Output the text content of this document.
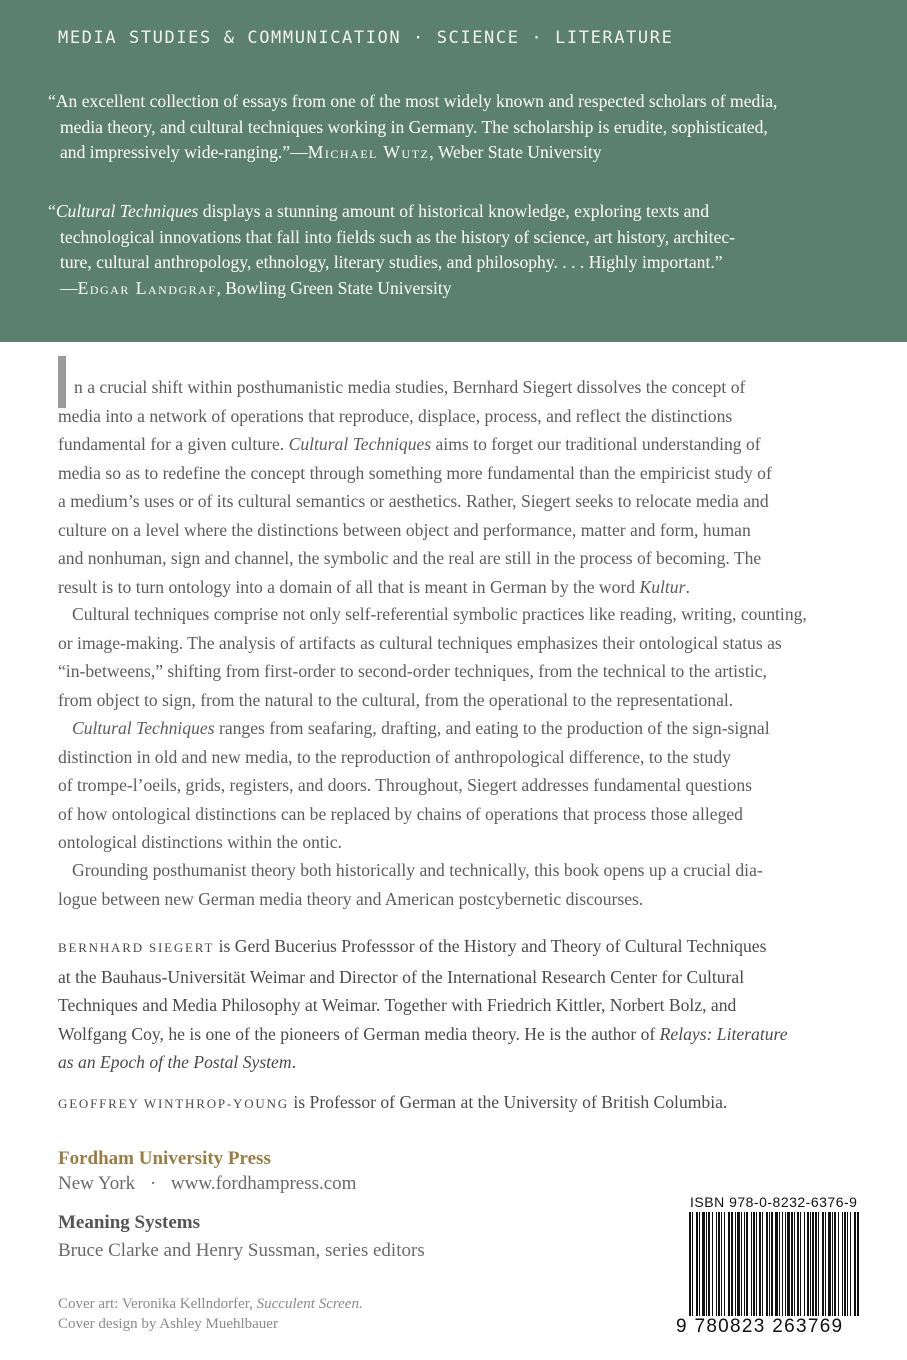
MEDIA STUDIES & COMMUNICATION · SCIENCE · LITERATURE
“An excellent collection of essays from one of the most widely known and respected scholars of media,
media theory, and cultural techniques working in Germany. The scholarship is erudite, sophisticated,
and impressively wide-ranging.”—Michael Wutz, Weber State University
“Cultural Techniques displays a stunning amount of historical knowledge, exploring texts and
technological innovations that fall into fields such as the history of science, art history, architec-
ture, cultural anthropology, ethnology, literary studies, and philosophy. . . . Highly important.”
—Edgar Landgraf, Bowling Green State University
n a crucial shift within posthumanistic media studies, Bernhard Siegert dissolves the concept of
media into a network of operations that reproduce, displace, process, and reflect the distinctions
fundamental for a given culture. Cultural Techniques aims to forget our traditional understanding of
media so as to redefine the concept through something more fundamental than the empiricist study of
a medium’s uses or of its cultural semantics or aesthetics. Rather, Siegert seeks to relocate media and
culture on a level where the distinctions between object and performance, matter and form, human
and nonhuman, sign and channel, the symbolic and the real are still in the process of becoming. The
result is to turn ontology into a domain of all that is meant in German by the word Kultur.
Cultural techniques comprise not only self-referential symbolic practices like reading, writing, counting,
or image-making. The analysis of artifacts as cultural techniques emphasizes their ontological status as
“in-betweens,” shifting from first-order to second-order techniques, from the technical to the artistic,
from object to sign, from the natural to the cultural, from the operational to the representational.
Cultural Techniques ranges from seafaring, drafting, and eating to the production of the sign-signal
distinction in old and new media, to the reproduction of anthropological difference, to the study
of trompe-l’oeils, grids, registers, and doors. Throughout, Siegert addresses fundamental questions
of how ontological distinctions can be replaced by chains of operations that process those alleged
ontological distinctions within the ontic.
Grounding posthumanist theory both historically and technically, this book opens up a crucial dia-
logue between new German media theory and American postcybernetic discourses.
BERNHARD SIEGERT is Gerd Bucerius Professsor of the History and Theory of Cultural Techniques
at the Bauhaus-Universität Weimar and Director of the International Research Center for Cultural
Techniques and Media Philosophy at Weimar. Together with Friedrich Kittler, Norbert Bolz, and
Wolfgang Coy, he is one of the pioneers of German media theory. He is the author of Relays: Literature
as an Epoch of the Postal System.
GEOFFREY WINTHROP-YOUNG is Professor of German at the University of British Columbia.
Fordham University Press
New York · www.fordhampress.com
Meaning Systems
Bruce Clarke and Henry Sussman, series editors
Cover art: Veronika Kellndorfer, Succulent Screen.
Cover design by Ashley Muehlbauer
ISBN 978-0-8232-6376-9
9 780823 263769
